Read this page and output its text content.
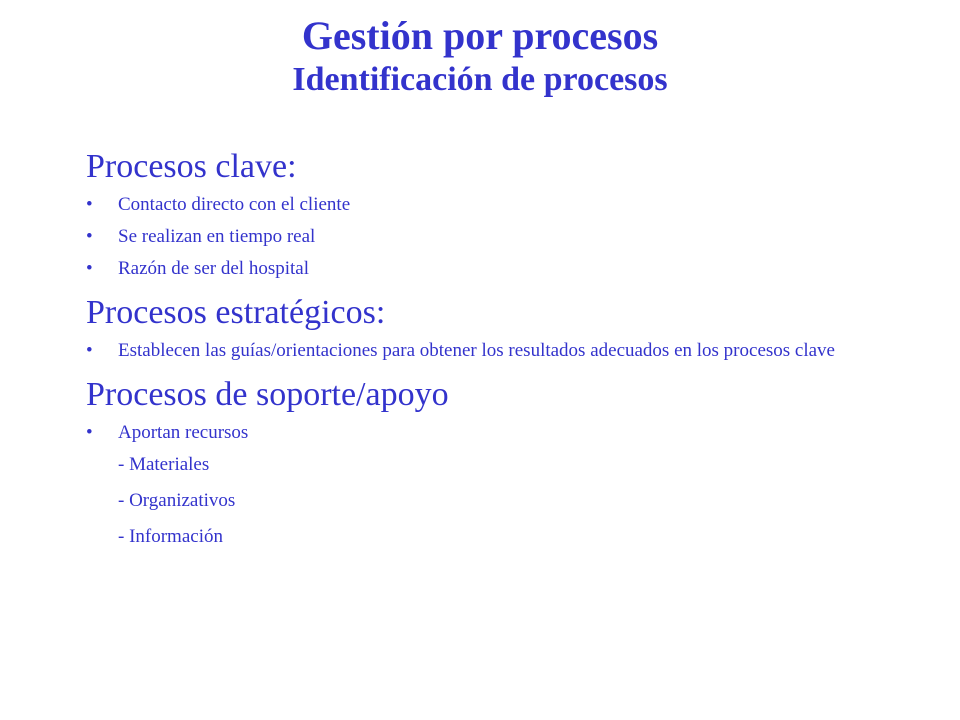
Gestión por procesos

Identificación de procesos

Procesos clave:
• Contacto directo con el cliente
• Se realizan en tiempo real
• Razón de ser del hospital
Procesos estratégicos:
• Establecen las guías/orientaciones para obtener los resultados adecuados en los procesos clave
Procesos de soporte/apoyo
• Aportan recursos
- Materiales
- Organizativos
- Información
